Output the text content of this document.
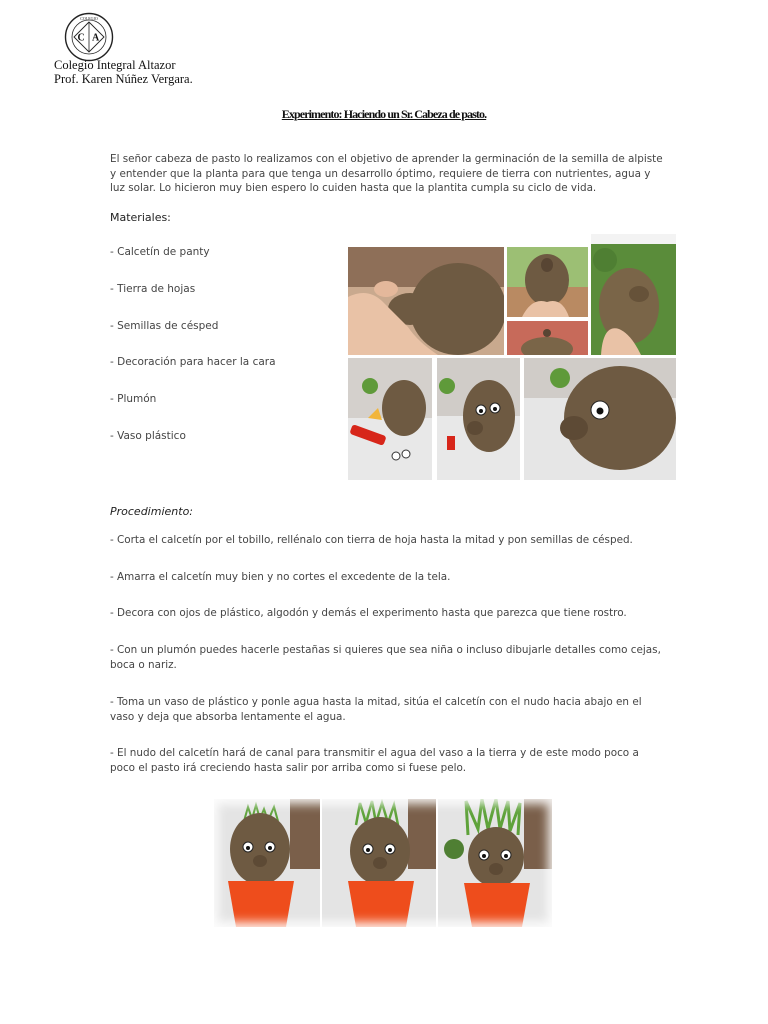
C A
COLEGIO
Colegio Integral Altazor
Prof. Karen Núñez Vergara.
Experimento: Haciendo un Sr. Cabeza de pasto.
El señor cabeza de pasto lo realizamos con el objetivo de aprender la germinación de la semilla de alpiste y entender que la planta para que tenga un desarrollo óptimo, requiere de tierra con nutrientes, agua y luz solar. Lo hicieron muy bien espero lo cuiden hasta que la plantita cumpla su ciclo de vida.
Materiales:
- Calcetín de panty
- Tierra de hojas
- Semillas de césped
- Decoración para hacer la cara
- Plumón
- Vaso plástico
Procedimiento:
- Corta el calcetín por el tobillo, rellénalo con tierra de hoja hasta la mitad y pon semillas de césped.
- Amarra el calcetín muy bien y no cortes el excedente de la tela.
- Decora con ojos de plástico, algodón y demás el experimento hasta que parezca que tiene rostro.
- Con un plumón puedes hacerle pestañas si quieres que sea niña o incluso dibujarle detalles como cejas, boca o nariz.
- Toma un vaso de plástico y ponle agua hasta la mitad, sitúa el calcetín con el nudo hacia abajo en el vaso y deja que absorba lentamente el agua.
- El nudo del calcetín hará de canal para transmitir el agua del vaso a la tierra y de este modo poco a poco el pasto irá creciendo hasta salir por arriba como si fuese pelo.
